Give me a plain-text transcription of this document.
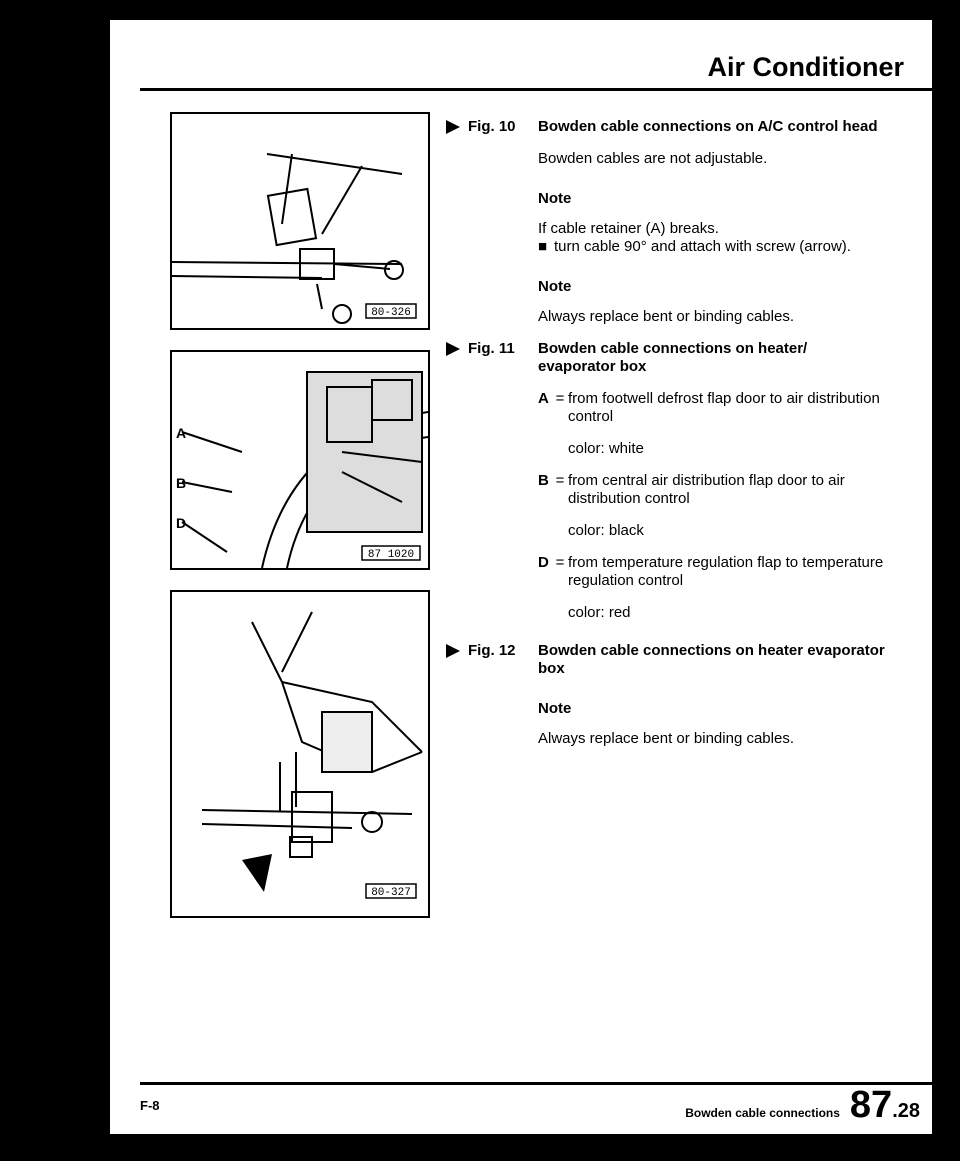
Air Conditioner
80-326
A
B
D
87 1020
80-327
Fig. 10 Bowden cable connections on A/C control head
Bowden cables are not adjustable.
Note
If cable retainer (A) breaks.
■ turn cable 90° and attach with screw (arrow).
Note
Always replace bent or binding cables.
Fig. 11 Bowden cable connections on heater/ evaporator box
A = from footwell defrost flap door to air distribution control
color: white
B = from central air distribution flap door to air distribution control
color: black
D = from temperature regulation flap to temperature regulation control
color: red
Fig. 12 Bowden cable connections on heater evaporator box
Note
Always replace bent or binding cables.
F-8	Bowden cable connections 87 .28
